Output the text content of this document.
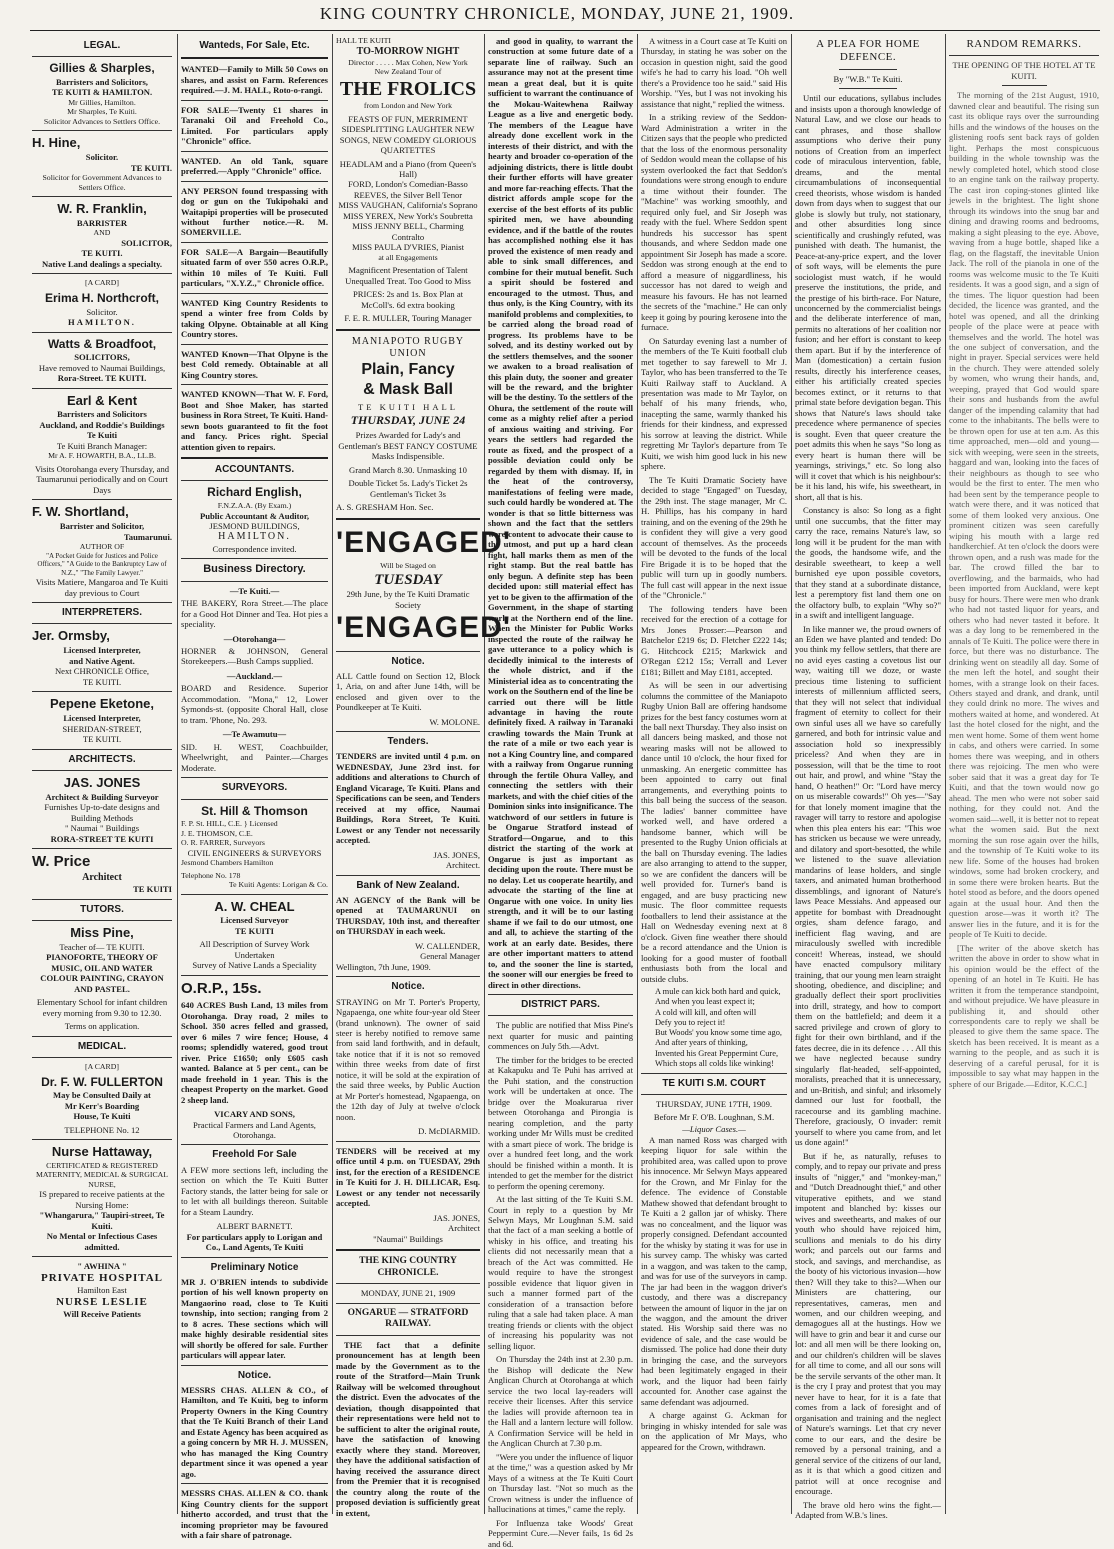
KING COUNTRY CHRONICLE, MONDAY, JUNE 21, 1909.
LEGAL.
Gillies & Sharples,
Barristers and Solicitors,
TE KUITI & HAMILTON.
Mr Gillies, Hamilton.
Mr Sharples, Te Kuiti.
Solicitor Advances to Settlers Office.
H. Hine,
Solicitor.
TE KUITI.
Solicitor for Government Advances to Settlers Office.
W. R. Franklin,
BARRISTER
AND
SOLICITOR,
TE KUITI.
Native Land dealings a specialty.
[A CARD]
Erima H. Northcroft,
Solicitor.
HAMILTON.
Watts & Broadfoot,
SOLICITORS,
Have removed to Naumai Buildings,
Rora-Street. TE KUITI.
Earl & Kent
Barristers and Solicitors
Auckland, and Roddie's Buildings
Te Kuiti
Te Kuiti Branch Manager:
Mr A. F. HOWARTH, B.A., LL.B.
Visits Otorohanga every Thursday, and Taumarunui periodically and on Court Days
F. W. Shortland,
Barrister and Solicitor,
Taumarunui.
AUTHOR OF
"A Pocket Guide for Justices and Police Officers," "A Guide to the Bankruptcy Law of N.Z.," "The Family Lawyer."
Visits Matiere, Mangaroa and Te Kuiti day previous to Court
INTERPRETERS.
Jer. Ormsby,
Licensed Interpreter,
and Native Agent.
Next CHRONICLE Office,
TE KUITI.
Pepene Eketone,
Licensed Interpreter,
SHERIDAN-STREET,
TE KUITI.
ARCHITECTS.
JAS. JONES
Architect & Building Surveyor
Furnishes Up-to-date designs and Building Methods
" Naumai " Buildings
RORA-STREET TE KUITI
W. Price
Architect
TE KUITI
TUTORS.
Miss Pine,
Teacher of— TE KUITI.
PIANOFORTE, THEORY OF MUSIC, OIL AND WATER COLOUR PAINTING, CRAYON AND PASTEL.
Elementary School for infant children every morning from 9.30 to 12.30.
Terms on application.
MEDICAL.
[A CARD]
Dr. F. W. FULLERTON
May be Consulted Daily at
Mr Kerr's Boarding
House, Te Kuiti
TELEPHONE No. 12
Nurse Hattaway,
CERTIFICATED & REGISTERED
MATERNITY, MEDICAL & SURGICAL
NURSE,
IS prepared to receive patients at the Nursing Home:
"Whangarura," Taupiri-street, Te Kuiti.
No Mental or Infectious Cases admitted.
" AWHINA "
PRIVATE HOSPITAL
Hamilton East
NURSE LESLIE
Will Receive Patients
Wanteds, For Sale, Etc.
WANTED—Family to Milk 50 Cows on shares, and assist on Farm. References required.—J. M. HALL, Roto-o-rangi.
FOR SALE—Twenty £1 shares in Taranaki Oil and Freehold Co., Limited. For particulars apply "Chronicle" office.
WANTED. An old Tank, square preferred.—Apply "Chronicle" office.
ANY PERSON found trespassing with dog or gun on the Tukipohaki and Waitapipi properties will be prosecuted without further notice.—R. M. SOMERVILLE.
FOR SALE—A Bargain—Beautifully situated farm of over 550 acres O.R.P., within 10 miles of Te Kuiti. Full particulars, "X.Y.Z.," Chronicle office.
WANTED King Country Residents to spend a winter free from Colds by taking Olpyne. Obtainable at all King Country stores.
WANTED Known—That Olpyne is the best Cold remedy. Obtainable at all King Country stores.
WANTED KNOWN—That W. F. Ford, Boot and Shoe Maker, has started business in Rora Street, Te Kuiti. Hand-sewn boots guaranteed to fit the foot and fancy. Prices right. Special attention given to repairs.
ACCOUNTANTS.
Richard English,
F.N.Z.A.A. (By Exam.)
Public Accountant & Auditor,
JESMOND BUILDINGS,
HAMILTON.
Correspondence invited.
Business Directory.
—Te Kuiti.—
THE BAKERY, Rora Street.—The place for a Good Hot Dinner and Tea. Hot pies a speciality.
—Otorohanga—
HORNER & JOHNSON, General Storekeepers.—Bush Camps supplied.
—Auckland.—
BOARD and Residence. Superior Accommodation. "Mona," 12, Lower Symonds-st. (opposite Choral Hall, close to tram. 'Phone, No. 293.
—Te Awamutu—
SID. H. WEST, Coachbuilder, Wheelwright, and Painter.—Charges Moderate.
SURVEYORS.
St. Hill & Thomson
F. P. St. HILL, C.E. } Licensed
J. E. THOMSON, C.E.
O. R. FARRER, Surveyors
CIVIL ENGINEERS & SURVEYORS
Jesmond Chambers Hamilton
Telephone No. 178
Te Kuiti Agents: Lorigan & Co.
A. W. CHEAL
Licensed Surveyor
TE KUITI
All Description of Survey Work Undertaken
Survey of Native Lands a Speciality
O.R.P., 15s.
640 ACRES Bush Land, 13 miles from Otorohanga. Dray road, 2 miles to School. 350 acres felled and grassed, over 6 miles 7 wire fence; House, 4 rooms; splendidly watered, good trout river. Price £1650; only £605 cash wanted. Balance at 5 per cent., can be made freehold in 1 year. This is the cheapest Property on the market. Good 2 sheep land.
VICARY AND SONS,
Practical Farmers and Land Agents, Otorohanga.
Freehold For Sale
A FEW more sections left, including the section on which the Te Kuiti Butter Factory stands, the latter being for sale or to let with all buildings thereon. Suitable for a Steam Laundry.
ALBERT BARNETT.
For particulars apply to Lorigan and Co., Land Agents, Te Kuiti
Preliminary Notice
MR J. O'BRIEN intends to subdivide portion of his well known property on Mangaorino road, close to Te Kuiti township, into section; ranging from 2 to 8 acres. These sections which will make highly desirable residential sites will shortly be offered for sale. Further particulars will appear later.
Notice.
MESSRS CHAS. ALLEN & CO., of Hamilton, and Te Kuiti, beg to inform Property Owners in the King Country that the Te Kuiti Branch of their Land and Estate Agency has been acquired as a going concern by MR H. J. MUSSEN, who has managed the King Country department since it was opened a year ago.
MESSRS CHAS. ALLEN & CO. thank King Country clients for the support hitherto accorded, and trust that the incoming proprietor may be favoured with a fair share of patronage.
HALL TE KUITI
TO-MORROW NIGHT
Director . . . . . Max Cohen, New York
New Zealand Tour of
THE FROLICS
from London and New York
FEASTS OF FUN, MERRIMENT SIDESPLITTING LAUGHTER NEW SONGS, NEW COMEDY GLORIOUS QUARTETTES
HEADLAM and a Piano (from Queen's Hall)
FORD, London's Comedian-Basso
REEVES, the Silver Bell Tenor
MISS VAUGHAN, California's Soprano
MISS YEREX, New York's Soubretta
MISS JENNY BELL, Charming Contralto
MISS PAULA D'VRIES, Pianist
at all Engagements
Magnificent Presentation of Talent Unequalled Treat. Too Good to Miss
PRICES: 2s and 1s. Box Plan at McColl's. 6d extra booking
F. E. R. MULLER, Touring Manager
MANIAPOTO RUGBY UNION
Plain, Fancy
& Mask Ball
TE KUITI HALL
THURSDAY, JUNE 24
Prizes Awarded for Lady's and Gentleman's BEST FANCY COSTUME
Masks Indispensible.
Grand March 8.30. Unmasking 10
Double Ticket 5s. Lady's Ticket 2s Gentleman's Ticket 3s
A. S. GRESHAM Hon. Sec.
'ENGAGED'
Will be Staged on
TUESDAY
29th June, by the Te Kuiti Dramatic Society
'ENGAGED'
Notice.
ALL Cattle found on Section 12, Block 1, Aria, on and after June 14th, will be enclosed and given over to the Poundkeeper at Te Kuiti.
W. MOLONE.
Tenders.
TENDERS are invited until 4 p.m. on WEDNESDAY, June 23rd inst. for additions and alterations to Church of England Vicarage, Te Kuiti. Plans and Specifications can be seen, and Tenders received at my office, Naumai Buildings, Rora Street, Te Kuiti. Lowest or any Tender not necessarily accepted.
JAS. JONES,
Architect.
Bank of New Zealand.
AN AGENCY of the Bank will be opened at TAUMARUNUI on THURSDAY, 10th inst, and thereafter on THURSDAY in each week.
W. CALLENDER,
General Manager
Wellington, 7th June, 1909.
Notice.
STRAYING on Mr T. Porter's Property, Ngapaenga, one white four-year old Steer (brand unknown). The owner of said steer is hereby notified to remove same from said land forthwith, and in default, take notice that if it is not so removed within three weeks from date of first notice, it will be sold at the expiration of the said three weeks, by Public Auction at Mr Porter's homestead, Ngapaenga, on the 12th day of July at twelve o'clock noon.
D. McDIARMID.
TENDERS will be received at my office until 4 p.m. on TUESDAY, 29th inst, for the erection of a RESIDENCE in Te Kuiti for J. H. DILLICAR, Esq. Lowest or any tender not necessarily accepted.
JAS. JONES,
Architect
"Naumai" Buildings
THE KING COUNTRY CHRONICLE.
MONDAY, JUNE 21, 1909
ONGARUE — STRATFORD RAILWAY.

THE fact that a definite pronouncement has at length been made by the Government as to the route of the Stratford—Main Trunk Railway will be welcomed throughout the district. Even the advocates of the deviation, though disappointed that their representations were held not to be sufficient to alter the original route, have the satisfaction of knowing exactly where they stand. Moreover, they have the additional satisfaction of having received the assurance direct from the Premier that it is recognised the country along the route of the proposed deviation is sufficiently great in extent,

and good in quality, to warrant the construction at some future date of a separate line of railway. Such an assurance may not at the present time mean a great deal, but it is quite sufficient to warrant the continuance of the Mokau-Waitewhena Railway League as a live and energetic body. The members of the League have already done excellent work in the interests of their district, and with the hearty and broader co-operation of the adjoining districts, there is little doubt their further efforts will have greater and more far-reaching effects. That the district affords ample scope for the exercise of the best efforts of its public spirited men, we have abounding evidence, and if the battle of the routes has accomplished nothing else it has proved the existence of men ready and able to sink small differences, and combine for their mutual benefit. Such a spirit should be fostered and encouraged to the utmost. Thus, and thus only, is the King Country, with its manifold problems and complexities, to be carried along the broad road of progress. Its problems have to be solved, and its destiny worked out by the settlers themselves, and the sooner we awaken to a broad realisation of this plain duty, the sooner and greater will be the reward, and the brighter will be the destiny. To the settlers of the Ohura, the settlement of the route will come as a mighty relief after a period of anxious waiting and striving. For years the settlers had regarded the route as fixed, and the prospect of a possible deviation could only be regarded by them with dismay. If, in the heat of the controversy, manifestations of feeling were made, such could hardly be wondered at. The wonder is that so little bitterness was shown and the fact that the settlers were content to advocate their cause to the utmost, and put up a hard clean fight, hall marks them as men of the right stamp. But the real battle has only begun. A definite step has been decided upon: still material effect has yet to be given to the affirmation of the Government, in the shape of starting work at the Northern end of the line. When the Minister for Public Works inspected the route of the railway he gave utterance to a policy which is decidedly inimical to the interests of the whole district, and if the Ministerial idea as to concentrating the work on the Southern end of the line be carried out there will be little advantage in having the route definitely fixed. A railway in Taranaki crawling towards the Main Trunk at the rate of a mile or two each year is not a King Country line, and compared with a railway from Ongarue running through the fertile Ohura Valley, and connecting the settlers with their markets, and with the chief cities of the Dominion sinks into insignificance. The watchword of our settlers in future is be Ongarue Stratford instead of Stratford—Ongarue, and to this district the starting of the work at Ongarue is just as important as deciding upon the route. There must be no delay. Let us cooperate heartily, and advocate the starting of the line at Ongarue with one voice. In unity lies strength, and it will be to our lasting shame if we fail to do our utmost, one and all, to achieve the starting of the work at an early date. Besides, there are other important matters to attend to, and the sooner the line is started, the sooner will our energies be freed to direct in other directions.

DISTRICT PARS.

The public are notified that Miss Pine's next quarter for music and painting commences on July 5th.—Advt.

The timber for the bridges to be erected at Kakapuku and Te Puhi has arrived at the Puhi station, and the construction work will be undertaken at once. The bridge over the Moakurarua river between Otorohanga and Pirongia is nearing completion, and the party working under Mr Wills must be credited with a smart piece of work. The bridge is over a hundred feet long, and the work should be finished within a month. It is intended to get the member for the district to perform the opening ceremony.

At the last sitting of the Te Kuiti S.M. Court in reply to a question by Mr Selwyn Mays, Mr Loughnan S.M. said that the fact of a man seeking a bottle of whisky in his office, and treating his clients did not necessarily mean that a breach of the Act was committed. He would require to have the strongest possible evidence that liquor given in such a manner formed part of the consideration of a transaction before ruling that a sale had taken place. A man treating friends or clients with the object of increasing his popularity was not selling liquor.

On Thursday the 24th inst at 2.30 p.m. the Bishop will dedicate the New Anglican Church at Otorohanga at which service the two local lay-readers will receive their licenses. After this service the ladies will provide afternoon tea in the Hall and a lantern lecture will follow. A Confirmation Service will be held in the Anglican Church at 7.30 p.m.

"Were you under the influence of liquor at the time," was a question asked by Mr Mays of a witness at the Te Kuiti Court on Thursday last. "Not so much as the Crown witness is under the influence of hallucinations at times," came the reply.

For Influenza take Woods' Great Peppermint Cure.—Never fails, 1s 6d 2s and 6d.

A witness in a Court case at Te Kuiti on Thursday, in stating he was sober on the occasion in question night, said the good wife's he had to carry his load. "Oh well there's a Providence too he said." said His Worship. "Yes, but I was not invoking his assistance that night," replied the witness.

In a striking review of the Seddon-Ward Administration a writer in the Citizen says that the people who predicted that the loss of the enormous personality of Seddon would mean the collapse of his system overlooked the fact that Seddon's foundations were strong enough to endure a time without their founder. The "Machine" was working smoothly, and required only fuel, and Sir Joseph was ready with the fuel. Where Seddon spent hundreds his successor has spent thousands, and where Seddon made one appointment Sir Joseph has made a score. Seddon was strong enough at the end to afford a measure of niggardliness, his successor has not dared to weigh and measure his favours. He has not learned the secrets of the "machine." He can only keep it going by pouring kerosene into the furnace.

On Saturday evening last a number of the members of the Te Kuiti football club met together to say farewell to Mr J. Taylor, who has been transferred to the Te Kuiti Railway staff to Auckland. A presentation was made to Mr Taylor, on behalf of his many friends, who, inacepting the same, warmly thanked his friends for their kindness, and expressed his sorrow at leaving the district. While regretting Mr Taylor's departure from Te Kuiti, we wish him good luck in his new sphere.

The Te Kuiti Dramatic Society have decided to stage "Engaged" on Tuesday, the 29th inst. The stage manager, Mr C. H. Phillips, has his company in hard training, and on the evening of the 29th he is confident they will give a very good account of themselves. As the proceeds will be devoted to the funds of the local Fire Brigade it is to be hoped that the public will turn up in goodly numbers. The full cast will appear in the next issue of the "Chronicle."

The following tenders have been received for the erection of a cottage for Mrs Jones Prosser:—Pearson and Batchelor £219 6s; D. Fletcher £222 14s; G. Hitchcock £215; Markwick and O'Regan £212 15s; Verrall and Lever £181; Billett and May £181, accepted.

As will be seen in our advertising columns the committee of the Maniapoto Rugby Union Ball are offering handsome prizes for the best fancy costumes worn at the ball next Thursday. They also insist on all dancers being masked, and those not wearing masks will not be allowed to dance until 10 o'clock, the hour fixed for unmasking. An energetic committee has been appointed to carry out final arrangements, and everything points to this ball being the success of the season. The ladies' banner committee have worked well, and have ordered a handsome banner, which will be presented to the Rugby Union officials at the ball on Thursday evening. The ladies are also arranging to attend to the supper, so we are confident the dancers will be well provided for. Turner's band is engaged, and are busy practicing new music. The floor committee requests footballers to lend their assistance at the Hall on Wednesday evening next at 8 o'clock. Given fine weather there should be a record attendance and the Union is looking for a good muster of football enthusiasts both from the local and outside clubs.

A mule can kick both hard and quick,
And when you least expect it;
A cold will kill, and often will
Defy you to reject it!
But Woods' you know some time ago,
And after years of thinking,
Invented his Great Peppermint Cure,
Which stops all colds like winking!
TE KUITI S.M. COURT
THURSDAY, JUNE 17TH, 1909.
Before Mr F. O'B. Loughnan, S.M.
—Liquor Cases.—

A man named Ross was charged with keeping liquor for sale within the prohibited area, was called upon to prove his innocence. Mr Selwyn Mays appeared for the Crown, and Mr Finlay for the defence. The evidence of Constable Mathew showed that defendant brought to Te Kuiti a 2 gallon jar of whisky. There was no concealment, and the liquor was properly consigned. Defendant accounted for the whisky by stating it was for use in his survey camp. The whisky was carted in a waggon, and was taken to the camp, and was for use of the surveyors in camp. The jar had been in the waggon driver's custody, and there was a discrepancy between the amount of liquor in the jar on the waggon, and the amount the driver stated. His Worship said there was no evidence of sale, and the case would be dismissed. The police had done their duty in bringing the case, and the surveyors had been legitimately engaged in their work, and the liquor had been fairly accounted for. Another case against the same defendant was adjourned.

A charge against G. Ackman for bringing in whisky intended for sale was on the application of Mr Mays, who appeared for the Crown, withdrawn.

A PLEA FOR HOME DEFENCE.
By "W.B." Te Kuiti.

Until our educations, syllabus includes and insists upon a thorough knowledge of Natural Law, and we close our heads to cant phrases, and those shallow assumptions who derive their puny notions of Creation from an imperfect code of miraculous intervention, fable, dreams, and the mental circumambulations of inconsequential creed theorists, whose wisdom is handed down from days when to suggest that our globe is slowly but truly, not stationary, and other absurdities long since scientifically and crushingly refuted, was punished with death. The humanist, the Peace-at-any-price expert, and the lover of soft ways, will be elements the pure sociologist must watch, if he would preserve the institutions, the pride, and the prestige of his birth-race. For Nature, unconcerned by the commercialist beings and the deliberate interference of man, permits no alterations of her coalition nor fusion; and her effort is constant to keep them apart. But if by the interference of Man (domestication) a certain fusion results, directly his interference ceases, either his artificially created species becomes extinct, or it returns to that primal state before devigation began. This shows that Nature's laws should take precedence where permanence of species is sought. Even that queer creature the poet admits this when he says "So long as every heart is human there will be yearnings, strivings," etc. So long also will it covet that which is his neighbour's: be it his land, his wife, his sweetheart, in short, all that is his.

Constancy is also: So long as a fight until one succumbs, that the fitter may carry the race, remains Nature's law, so long will it be prudent for the man with the goods, the handsome wife, and the desirable sweetheart, to keep a well burnished eye upon possible covetors, that they stand at a subordinate distance, lest a peremptory fist land them one on the olfactory bulb, to explain "Why so?" in a swift and intelligent language.

In like manner we, the proud owners of an Eden we have planted and tended: Do you think my fellow settlers, that there are no avid eyes casting a covetous list our way, waiting till we doze, or waste precious time listening to sufficient interests of millennium afflicted seers, that they will not select that individual fragment of eternity to collect for their own sinful uses all we have so carefully garnered, and both for intrinsic value and association hold so inexpressibly priceless? And when they are in possession, will that be the time to root out hair, and prowl, and whine "Stay the hand, O heathen!" Or: "Lord have mercy on us miserable cowards!" Oh yes—"Say for that lonely moment imagine that the ravager will tarry to restore and apologise when this plea enters his ear: "This woe has stricken us because we were unready, and dilatory and sport-besotted, the while we listened to the suave alleviation mandarins of lease holders, and single taxers, and animated human brotherhood dissemblings, and ignorant of Nature's laws Peace Messiahs. And appeased our appetite for bombast with Dreadnought orgies, sham defence farago, and inefficient flag waving, and are miraculously swelled with incredible conceit! Whereas, instead, we should have enacted compulsory military training, that our young men learn straight shooting, obedience, and discipline; and gradually deflect their sport proclivities into drill, strategy, and how to comport them on the battlefield; and deem it a sacred privilege and crown of glory to fight for their own birthland, and if the fates decree, die in its defence . . . All this we have neglected because sundry singularly flat-headed, self-appointed, moralists, preached that it is unnecessary, and un-British, and sinful; and irksomely damned our lust for football, the racecourse and its gambling machine. Therefore, graciously, O invader: remit yourself to where you came from, and let us done again!"

But if he, as naturally, refuses to comply, and to repay our private and press insults of "nigger," and "monkey-man," and "Dutch Dreadnought thief," and other vituperative epithets, and we stand impotent and blanched by: kisses our wives and sweethearts, and makes of our youth who should have rejoiced him, scullions and menials to do his dirty work; and parcels out our farms and stock, and savings, and merchandise, as the booty of his victorious invasion—how then? Will they take to this?—When our Ministers are chattering, our representatives, cameras, men and women, and our children weeping, and demagogues all at the hustings. How we will have to grin and bear it and curse our lot: and all men will be there looking on, and our children's children will be slaves for all time to come, and all our sons will be the servile servants of the other man. It is the cry I pray and protest that you may never have to hear, for it is a fate that comes from a lack of foresight and of organisation and training and the neglect of Nature's warnings. Let that cry never come to our ears, and the desire be removed by a personal training, and a general service of the citizens of our land, as it is that which a good citizen and patriot will at once recognise and encourage.

The brave old hero wins the fight.—Adapted from W.B.'s lines.

RANDOM REMARKS.
THE OPENING OF THE HOTEL AT TE KUITI.

The morning of the 21st August, 1910, dawned clear and beautiful. The rising sun cast its oblique rays over the surrounding hills and the windows of the houses on the glistening roofs sent back rays of golden light. Perhaps the most conspicuous building in the whole township was the newly completed hotel, which stood close to an engine tank on the railway property. The cast iron coping-stones glinted like jewels in the brightest. The light shone through its windows into the snug bar and dining and drawing rooms and bedrooms, making a sight pleasing to the eye. Above, waving from a huge bottle, shaped like a flag, on the flagstaff, the inevitable Union Jack. The roll of the pianola in one of the rooms was welcome music to the Te Kuiti residents. It was a good sign, and a sign of the times. The liquor question had been decided, the licence was granted, and the hotel was opened, and all the drinking people of the place were at peace with themselves and the world. The hotel was the one subject of conversation, and the night in prayer. Special services were held in the church. They were attended solely by women, who wrung their hands, and, weeping, prayed that God would spare their sons and husbands from the awful danger of the impending calamity that had come to the inhabitants. The bells were to be thrown open for use at ten a.m. As this time approached, men—old and young—sick with weeping, were seen in the streets, haggard and wan, looking into the faces of their neighbours as though to see who would be the first to enter. The men who had been sent by the temperance people to watch were there, and it was noticed that some of them looked very anxious. One prominent citizen was seen carefully wiping his mouth with a large red handkerchief. At ten o'clock the doors were thrown open, and a rush was made for the bar. The crowd filled the bar to overflowing, and the barmaids, who had been imported from Auckland, were kept busy for hours. There were men who drank who had not tasted liquor for years, and others who had never tasted it before. It was a day long to be remembered in the annals of Te Kuiti. The police were there in force, but there was no disturbance. The drinking went on steadily all day. Some of the men left the hotel, and sought their homes, with a strange look on their faces. Others stayed and drank, and drank, until they could drink no more. The wives and mothers waited at home, and wondered. At last the hotel closed for the night, and the men went home. Some of them went home in cabs, and others were carried. In some homes there was weeping, and in others there was rejoicing. The men who were sober said that it was a great day for Te Kuiti, and that the town would now go ahead. The men who were not sober said nothing, for they could not. And the women said—well, it is better not to repeat what the women said. But the next morning the sun rose again over the hills, and the township of Te Kuiti woke to its new life. Some of the houses had broken windows, some had broken crockery, and in some there were broken hearts. But the hotel stood as before, and the doors opened again at the usual hour. And then the question arose—was it worth it? The answer lies in the future, and it is for the people of Te Kuiti to decide.

[The writer of the above sketch has written the above in order to show what in his opinion would be the effect of the opening of an hotel in Te Kuiti. He has written it from the temperance standpoint, and without prejudice. We have pleasure in publishing it, and should other correspondents care to reply we shall be pleased to give them the same space. The sketch has been received. It is meant as a warning to the people, and as such it is deserving of a careful perusal, for it is impossible to say what may happen in the sphere of our Brigade.—Editor, K.C.C.]
